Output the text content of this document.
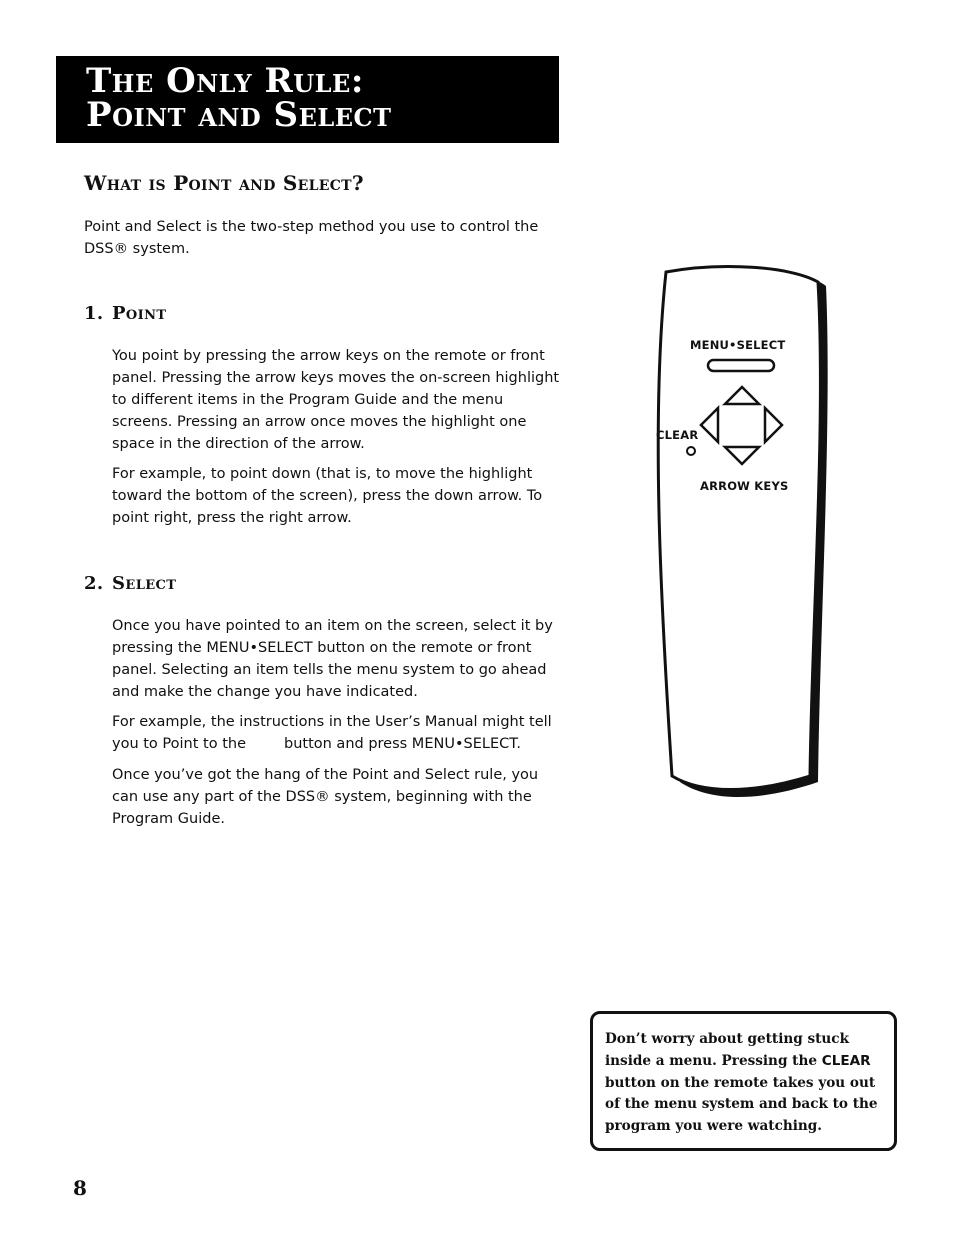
The Only Rule:
Point and Select
What is Point and Select?

Point and Select is the two-step method you use to control the DSS® system.

1. Point

You point by pressing the arrow keys on the remote or front panel. Pressing the arrow keys moves the on-screen highlight to different items in the Program Guide and the menu screens. Pressing an arrow once moves the highlight one space in the direction of the arrow.

For example, to point down (that is, to move the highlight toward the bottom of the screen), press the down arrow. To point right, press the right arrow.

2. Select

Once you have pointed to an item on the screen, select it by pressing the MENU•SELECT button on the remote or front panel. Selecting an item tells the menu system to go ahead and make the change you have indicated.

For example, the instructions in the User’s Manual might tell you to Point to the	button and press MENU•SELECT.

Once you’ve got the hang of the Point and Select rule, you can use any part of the DSS® system, beginning with the Program Guide.

MENU•SELECT
CLEAR
ARROW KEYS

Don’t worry about getting stuck inside a menu. Pressing the CLEAR button on the remote takes you out of the menu system and back to the program you were watching.

8
